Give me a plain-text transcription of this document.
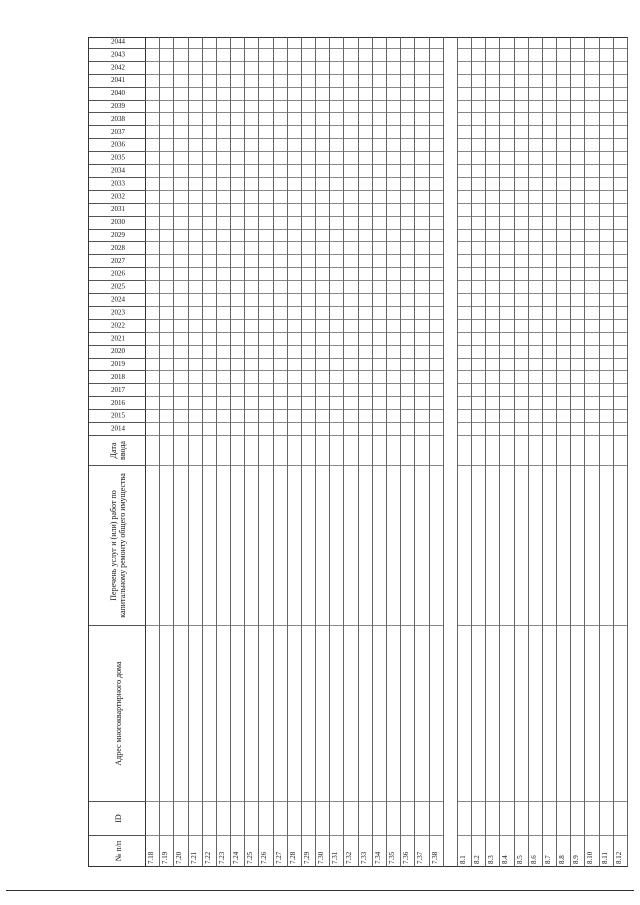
№ п/п
ID
Адрес многоквартирного дома
Перечень услуг и (или) работ по капитальному ремонту общего имущества
Дата ввода
2014
2015
2016
2017
2018
2019
2020
2021
2022
2023
2024
2025
2026
2027
2028
2029
2030
2031
2032
2033
2034
2035
2036
2037
2038
2039
2040
2041
2042
2043
2044
7.18 7.19 7.20 7.21 7.22 7.23 7.24 7.25 7.26 7.27 7.28 7.29 7.30 7.31 7.32 7.33 7.34 7.35 7.36 7.37 7.38	8.1 8.2 8.3 8.4 8.5 8.6 8.7 8.8 8.9 8.10 8.11 8.12
